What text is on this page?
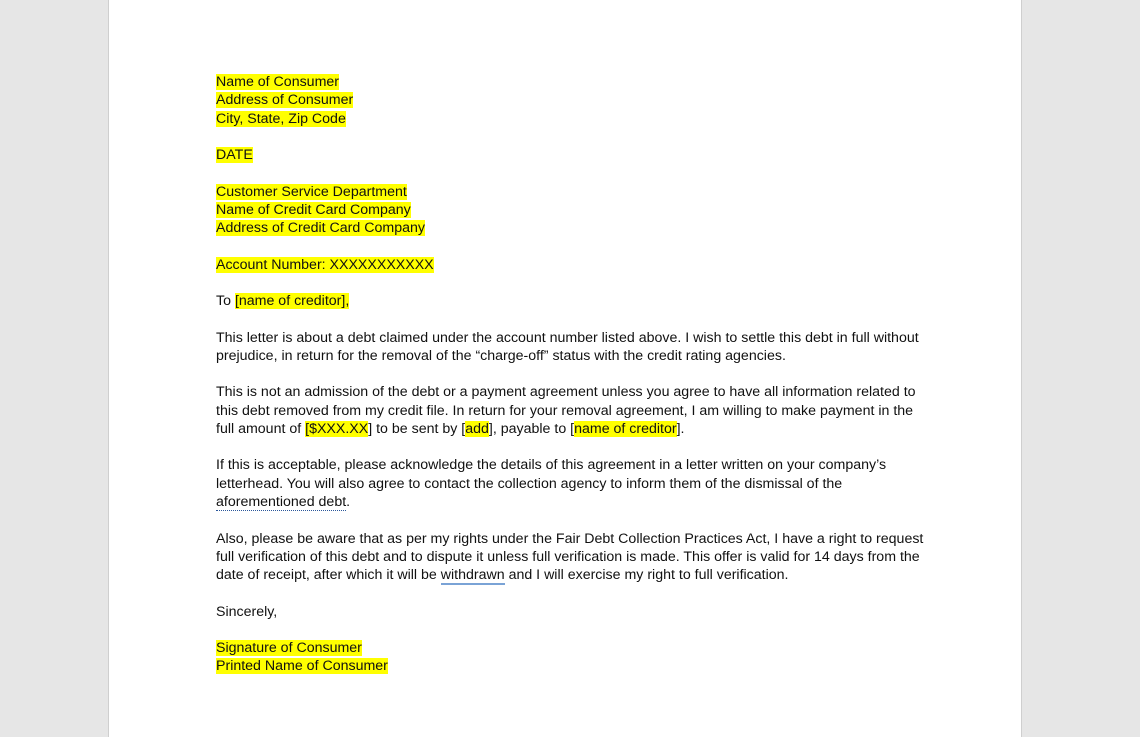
Name of Consumer
Address of Consumer
City, State, Zip Code
DATE
Customer Service Department
Name of Credit Card Company
Address of Credit Card Company
Account Number: XXXXXXXXXXX
To [name of creditor],
This letter is about a debt claimed under the account number listed above. I wish to settle this debt in full without
prejudice, in return for the removal of the “charge-off” status with the credit rating agencies.
This is not an admission of the debt or a payment agreement unless you agree to have all information related to
this debt removed from my credit file. In return for your removal agreement, I am willing to make payment in the
full amount of [$XXX.XX] to be sent by [add], payable to [name of creditor].
If this is acceptable, please acknowledge the details of this agreement in a letter written on your company’s
letterhead. You will also agree to contact the collection agency to inform them of the dismissal of the
aforementioned debt.
Also, please be aware that as per my rights under the Fair Debt Collection Practices Act, I have a right to request
full verification of this debt and to dispute it unless full verification is made. This offer is valid for 14 days from the
date of receipt, after which it will be withdrawn and I will exercise my right to full verification.
Sincerely,
Signature of Consumer
Printed Name of Consumer
